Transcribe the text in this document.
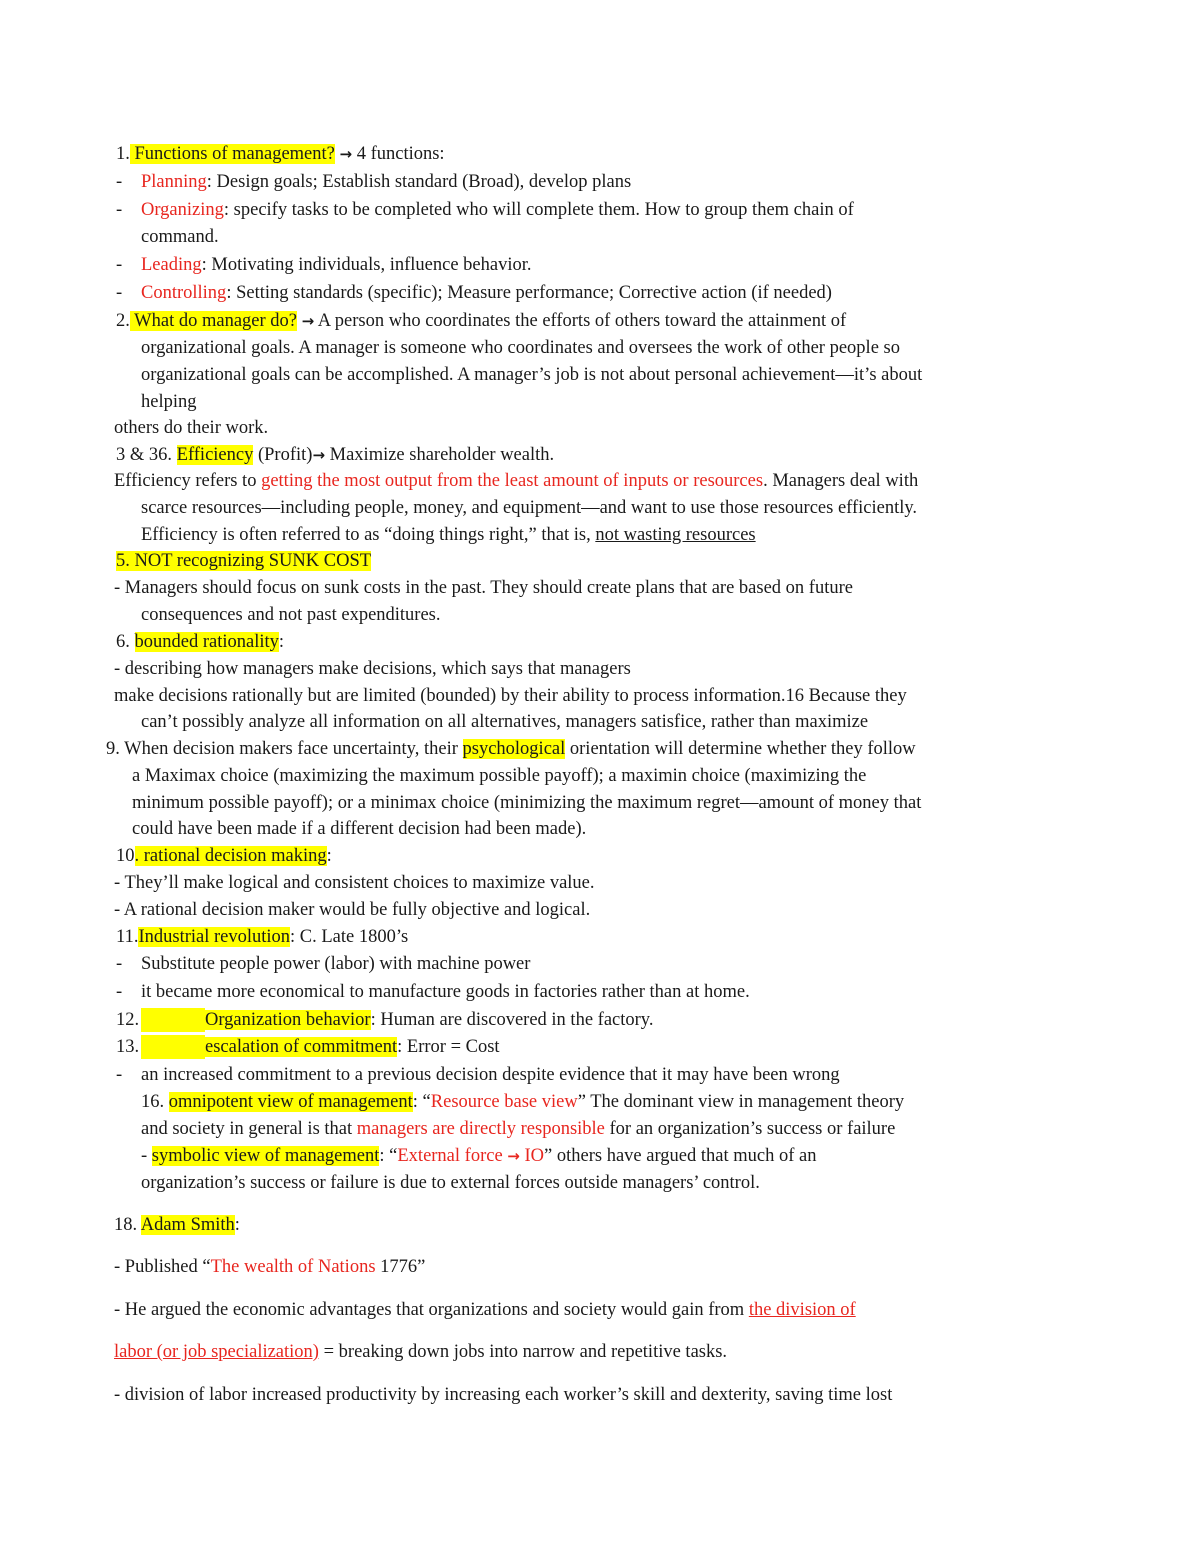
1. Functions of management? → 4 functions:
- Planning: Design goals; Establish standard (Broad), develop plans
- Organizing: specify tasks to be completed who will complete them. How to group them chain of
command.
- Leading: Motivating individuals, influence behavior.
- Controlling: Setting standards (specific); Measure performance; Corrective action (if needed)
2. What do manager do? → A person who coordinates the efforts of others toward the attainment of
organizational goals. A manager is someone who coordinates and oversees the work of other people so
organizational goals can be accomplished. A manager’s job is not about personal achievement—it’s about
helping
others do their work.
3 & 36. Efficiency (Profit)→ Maximize shareholder wealth.
Efficiency refers to getting the most output from the least amount of inputs or resources. Managers deal with
scarce resources—including people, money, and equipment—and want to use those resources efficiently.
Efficiency is often referred to as “doing things right,” that is, not wasting resources
5. NOT recognizing SUNK COST
- Managers should focus on sunk costs in the past. They should create plans that are based on future
consequences and not past expenditures.
6. bounded rationality:
- describing how managers make decisions, which says that managers
make decisions rationally but are limited (bounded) by their ability to process information.16 Because they
can’t possibly analyze all information on all alternatives, managers satisfice, rather than maximize
9. When decision makers face uncertainty, their psychological orientation will determine whether they follow
a Maximax choice (maximizing the maximum possible payoff); a maximin choice (maximizing the
minimum possible payoff); or a minimax choice (minimizing the maximum regret—amount of money that
could have been made if a different decision had been made).
10. rational decision making:
- They’ll make logical and consistent choices to maximize value.
- A rational decision maker would be fully objective and logical.
11.Industrial revolution: C. Late 1800’s
- Substitute people power (labor) with machine power
- it became more economical to manufacture goods in factories rather than at home.
12.	Organization behavior: Human are discovered in the factory.
13.	escalation of commitment: Error = Cost
- an increased commitment to a previous decision despite evidence that it may have been wrong
16. omnipotent view of management: “Resource base view” The dominant view in management theory
and society in general is that managers are directly responsible for an organization’s success or failure
- symbolic view of management: “External force → IO” others have argued that much of an
organization’s success or failure is due to external forces outside managers’ control.
18. Adam Smith:
- Published “The wealth of Nations 1776”
- He argued the economic advantages that organizations and society would gain from the division of
labor (or job specialization) = breaking down jobs into narrow and repetitive tasks.
- division of labor increased productivity by increasing each worker’s skill and dexterity, saving time lost
